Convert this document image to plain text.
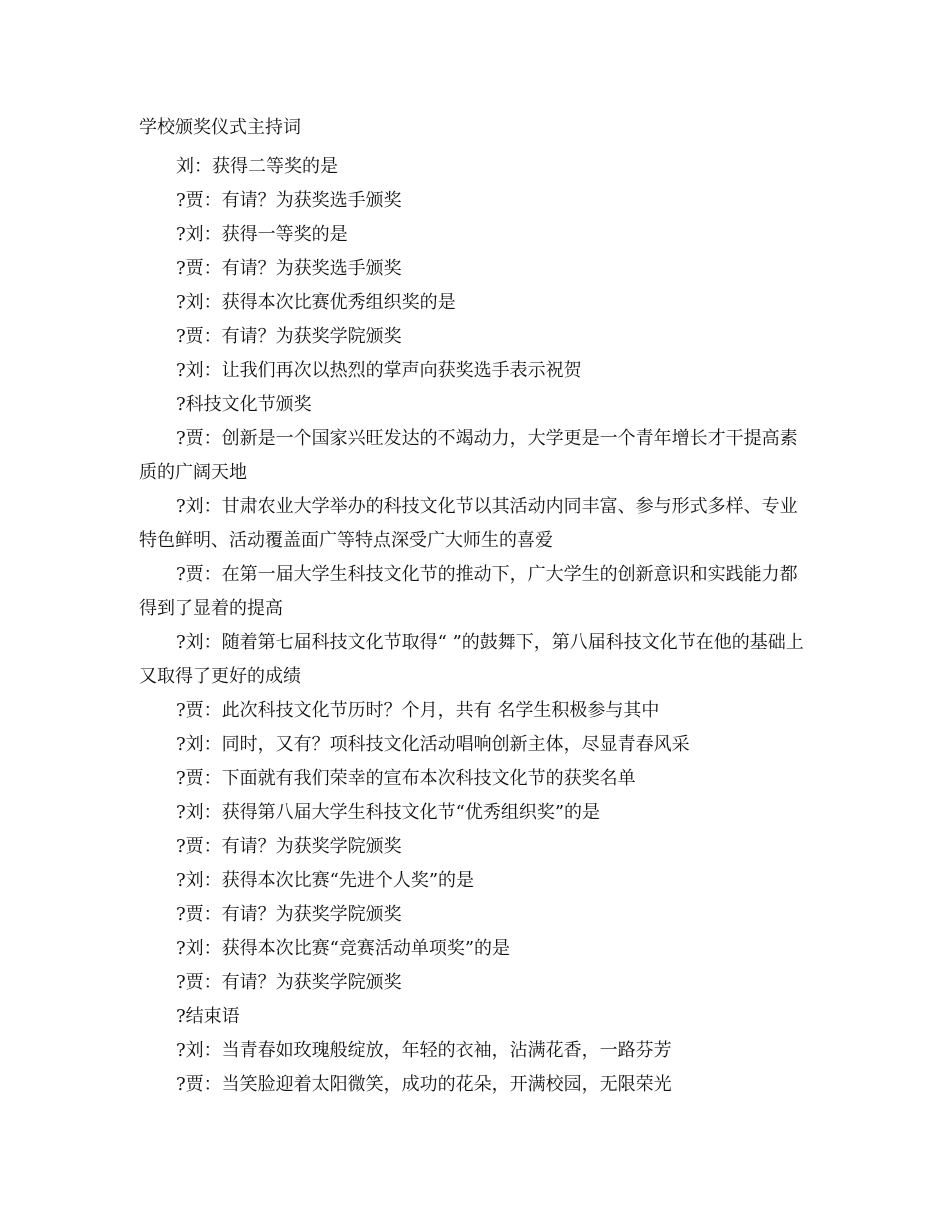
学校颁奖仪式主持词

刘：获得二等奖的是

?贾：有请？为获奖选手颁奖

?刘：获得一等奖的是

?贾：有请？为获奖选手颁奖

?刘：获得本次比赛优秀组织奖的是

?贾：有请？为获奖学院颁奖

?刘：让我们再次以热烈的掌声向获奖选手表示祝贺

?科技文化节颁奖

?贾：创新是一个国家兴旺发达的不竭动力，大学更是一个青年增长才干提高素质的广阔天地

?刘：甘肃农业大学举办的科技文化节以其活动内同丰富、参与形式多样、专业特色鲜明、活动覆盖面广等特点深受广大师生的喜爱

?贾：在第一届大学生科技文化节的推动下，广大学生的创新意识和实践能力都得到了显着的提高

?刘：随着第七届科技文化节取得“ ”的鼓舞下，第八届科技文化节在他的基础上又取得了更好的成绩

?贾：此次科技文化节历时？个月，共有 名学生积极参与其中

?刘：同时，又有？项科技文化活动唱响创新主体，尽显青春风采

?贾：下面就有我们荣幸的宣布本次科技文化节的获奖名单

?刘：获得第八届大学生科技文化节“优秀组织奖”的是

?贾：有请？为获奖学院颁奖

?刘：获得本次比赛“先进个人奖”的是

?贾：有请？为获奖学院颁奖

?刘：获得本次比赛“竞赛活动单项奖”的是

?贾：有请？为获奖学院颁奖

?结束语

?刘：当青春如玫瑰般绽放，年轻的衣袖，沾满花香，一路芬芳

?贾：当笑脸迎着太阳微笑，成功的花朵，开满校园，无限荣光
